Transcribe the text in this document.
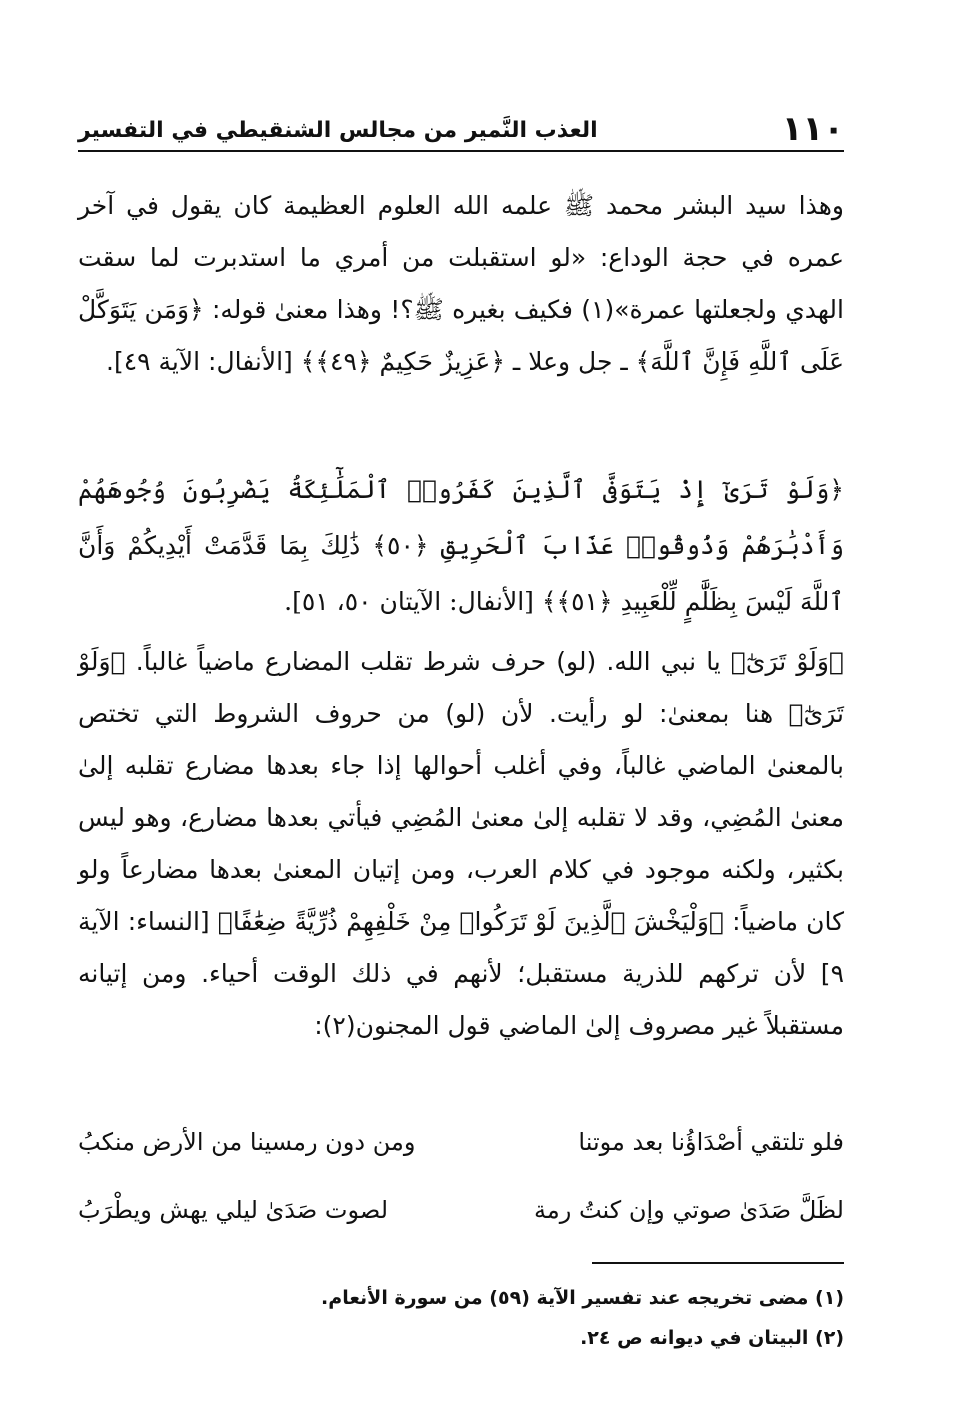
١١٠
العذب النَّمير من مجالس الشنقيطي في التفسير

وهذا سيد البشر محمد ﷺ علمه الله العلوم العظيمة كان يقول في آخر عمره في حجة الوداع: «لو استقبلت من أمري ما استدبرت لما سقت الهدي ولجعلتها عمرة»(١) فكيف بغيره ﷺ؟! وهذا معنىٰ قوله: ﴿وَمَن يَتَوَكَّلْ عَلَى ٱللَّهِ فَإِنَّ ٱللَّهَ﴾ ـ جل وعلا ـ ﴿عَزِيزٌ حَكِيمٌ ﴿٤٩﴾﴾ [الأنفال: الآية ٤٩].

﴿وَلَوْ تَرَىٰٓ إِذْ يَتَوَفَّى ٱلَّذِينَ كَفَرُوا۟ ٱلْمَلَٰٓئِكَةُ يَضْرِبُونَ وُجُوهَهُمْ وَأَدْبَٰرَهُمْ وَذُوقُوا۟ عَذَابَ ٱلْحَرِيقِ ﴿٥٠﴾ ذَٰلِكَ بِمَا قَدَّمَتْ أَيْدِيكُمْ وَأَنَّ ٱللَّهَ لَيْسَ بِظَلَّٰمٍ لِّلْعَبِيدِ ﴿٥١﴾﴾ [الأنفال: الآيتان ٥٠، ٥١].

﴿وَلَوْ تَرَىٰٓ﴾ يا نبي الله. (لو) حرف شرط تقلب المضارع ماضياً غالباً. ﴿وَلَوْ تَرَىٰٓ﴾ هنا بمعنىٰ: لو رأيت. لأن (لو) من حروف الشروط التي تختص بالمعنىٰ الماضي غالباً، وفي أغلب أحوالها إذا جاء بعدها مضارع تقلبه إلىٰ معنىٰ المُضِي، وقد لا تقلبه إلىٰ معنىٰ المُضِي فيأتي بعدها مضارع، وهو ليس بكثير، ولكنه موجود في كلام العرب، ومن إتيان المعنىٰ بعدها مضارعاً ولو كان ماضياً: ﴿وَلْيَخْشَ ٱلَّذِينَ لَوْ تَرَكُوا۟ مِنْ خَلْفِهِمْ ذُرِّيَّةً ضِعَٰفًا﴾ [النساء: الآية ٩] لأن تركهم للذرية مستقبل؛ لأنهم في ذلك الوقت أحياء. ومن إتيانه مستقبلاً غير مصروف إلىٰ الماضي قول المجنون(٢):

فلو تلتقي أصْدَاؤُنا بعد موتنا
ومن دون رمسينا من الأرض منكبُ
لظَلَّ صَدَىٰ صوتي وإن كنتُ رمة
لصوت صَدَىٰ ليلي يهش ويطْرَبُ
(١) مضى تخريجه عند تفسير الآية (٥٩) من سورة الأنعام.
(٢) البيتان في ديوانه ص ٢٤.
